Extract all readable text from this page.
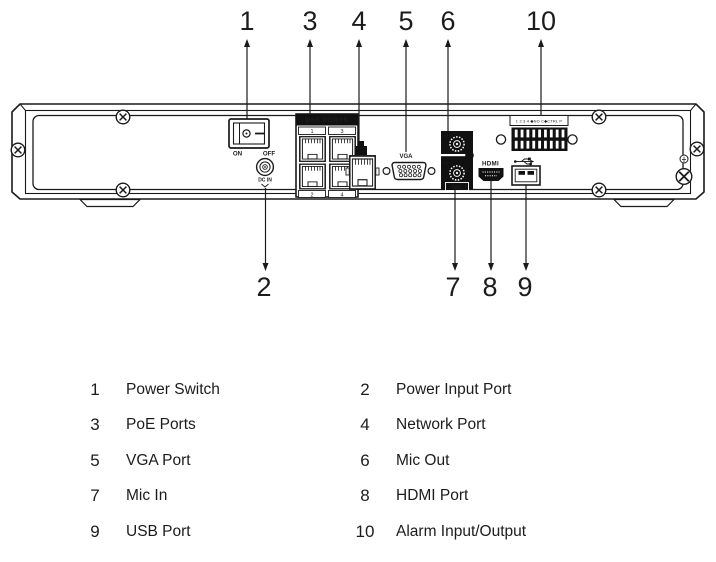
ON	OFF
DC IN
PoE PORTS
1	3
2	4
VGA
OUT
IN
MIC
HDMI
1 2 3 4 ◆NO C◆CTRL P
1 3 4 5 6	10
2	7 8 9
1	Power Switch	2	Power Input Port
3	PoE Ports	4	Network Port
5	VGA Port	6	Mic Out
7	Mic In	8	HDMI Port
9	USB Port	10	Alarm Input/Output
